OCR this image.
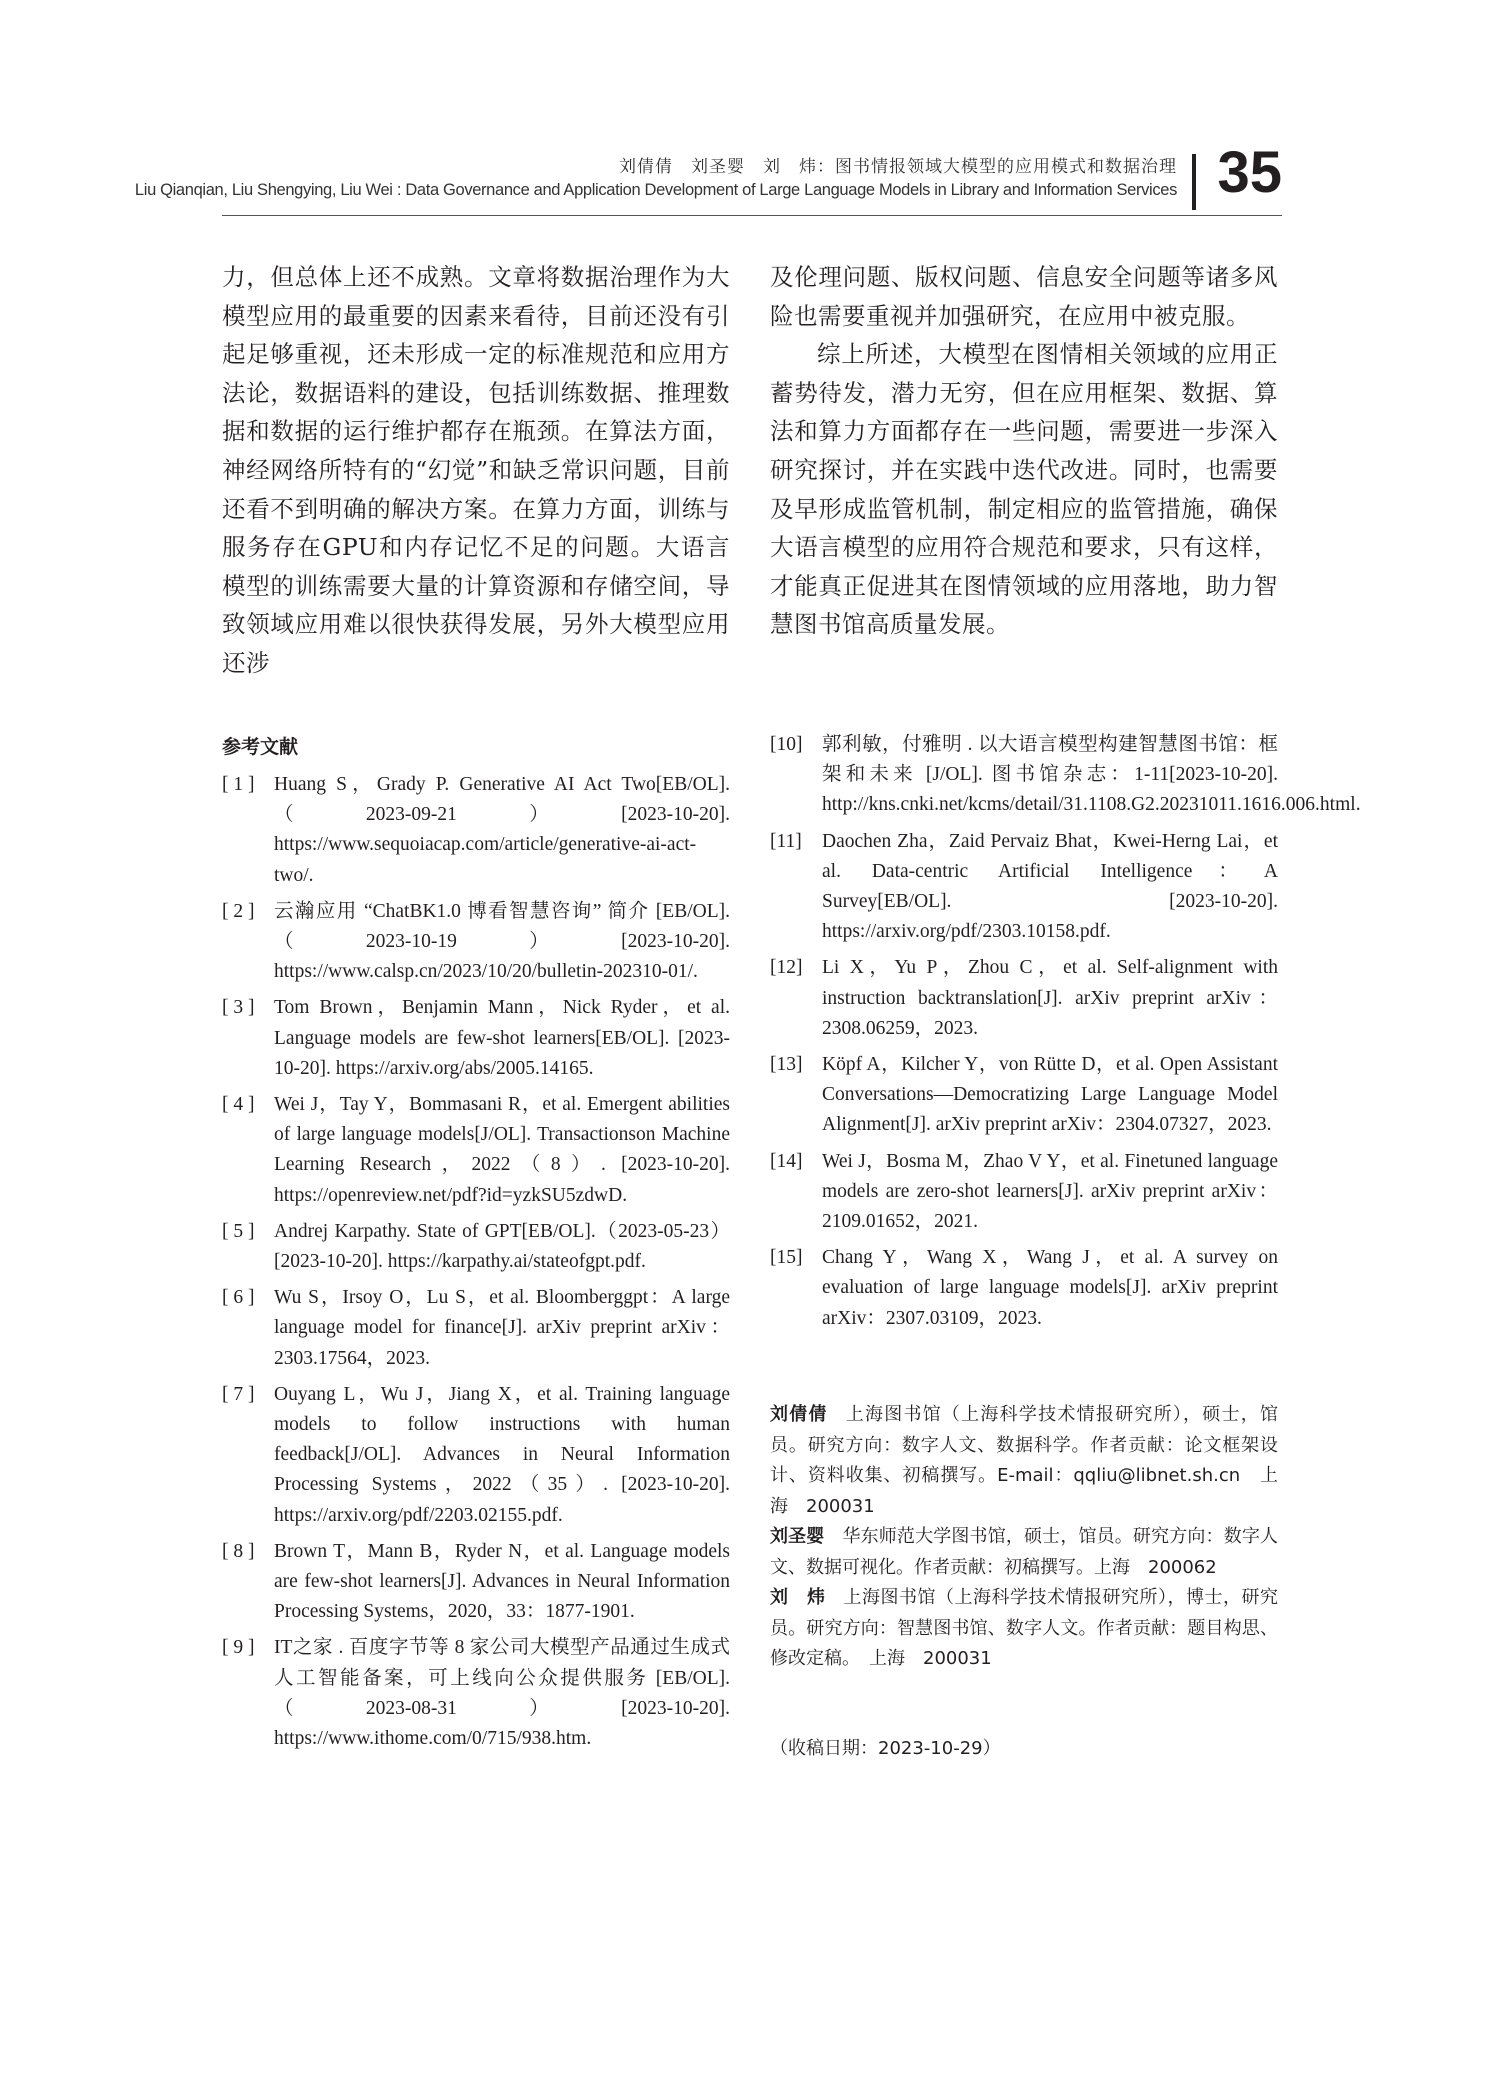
刘倩倩　刘圣婴　刘　炜：图书情报领域大模型的应用模式和数据治理
Liu Qianqian, Liu Shengying, Liu Wei : Data Governance and Application Development of Large Language Models in Library and Information Services 35

力，但总体上还不成熟。文章将数据治理作为大模型应用的最重要的因素来看待，目前还没有引起足够重视，还未形成一定的标准规范和应用方法论，数据语料的建设，包括训练数据、推理数据和数据的运行维护都存在瓶颈。在算法方面，神经网络所特有的“幻觉”和缺乏常识问题，目前还看不到明确的解决方案。在算力方面，训练与服务存在GPU和内存记忆不足的问题。大语言模型的训练需要大量的计算资源和存储空间，导致领域应用难以很快获得发展，另外大模型应用还涉

及伦理问题、版权问题、信息安全问题等诸多风险也需要重视并加强研究，在应用中被克服。

综上所述，大模型在图情相关领域的应用正蓄势待发，潜力无穷，但在应用框架、数据、算法和算力方面都存在一些问题，需要进一步深入研究探讨，并在实践中迭代改进。同时，也需要及早形成监管机制，制定相应的监管措施，确保大语言模型的应用符合规范和要求，只有这样，才能真正促进其在图情领域的应用落地，助力智慧图书馆高质量发展。

参考文献
[ 1 ] Huang S，Grady P. Generative AI Act Two[EB/OL].（2023-09-21）[2023-10-20]. https://www.sequoiacap.com/article/generative-ai-act-two/.
[ 2 ] 云瀚应用 “ChatBK1.0 博看智慧咨询” 简介 [EB/OL].（2023-10-19）[2023-10-20]. https://www.calsp.cn/2023/10/20/bulletin-202310-01/.
[ 3 ] Tom Brown，Benjamin Mann，Nick Ryder，et al. Language models are few-shot learners[EB/OL]. [2023-10-20]. https://arxiv.org/abs/2005.14165.
[ 4 ] Wei J，Tay Y，Bommasani R，et al. Emergent abilities of large language models[J/OL]. Transactionson Machine Learning Research，2022（8）. [2023-10-20]. https://openreview.net/pdf?id=yzkSU5zdwD.
[ 5 ] Andrej Karpathy. State of GPT[EB/OL].（2023-05-23）[2023-10-20]. https://karpathy.ai/stateofgpt.pdf.
[ 6 ] Wu S，Irsoy O，Lu S，et al. Bloomberggpt：A large language model for finance[J]. arXiv preprint arXiv：2303.17564，2023.
[ 7 ] Ouyang L，Wu J，Jiang X，et al. Training language models to follow instructions with human feedback[J/OL]. Advances in Neural Information Processing Systems，2022（35）. [2023-10-20]. https://arxiv.org/pdf/2203.02155.pdf.
[ 8 ] Brown T，Mann B，Ryder N，et al. Language models are few-shot learners[J]. Advances in Neural Information Processing Systems，2020，33：1877-1901.
[ 9 ] IT之家 . 百度字节等 8 家公司大模型产品通过生成式人工智能备案，可上线向公众提供服务 [EB/OL].（2023-08-31）[2023-10-20]. https://www.ithome.com/0/715/938.htm.
[10] 郭利敏，付雅明 . 以大语言模型构建智慧图书馆：框架和未来 [J/OL]. 图书馆杂志：1-11[2023-10-20]. http://kns.cnki.net/kcms/detail/31.1108.G2.20231011.1616.006.html.
[11] Daochen Zha，Zaid Pervaiz Bhat，Kwei-Herng Lai，et al. Data-centric Artificial Intelligence：A Survey[EB/OL]. [2023-10-20]. https://arxiv.org/pdf/2303.10158.pdf.
[12] Li X，Yu P，Zhou C，et al. Self-alignment with instruction backtranslation[J]. arXiv preprint arXiv：2308.06259，2023.
[13] Köpf A，Kilcher Y，von Rütte D，et al. Open Assistant Conversations—Democratizing Large Language Model Alignment[J]. arXiv preprint arXiv：2304.07327，2023.
[14] Wei J，Bosma M，Zhao V Y，et al. Finetuned language models are zero-shot learners[J]. arXiv preprint arXiv：2109.01652，2021.
[15] Chang Y，Wang X，Wang J，et al. A survey on evaluation of large language models[J]. arXiv preprint arXiv：2307.03109，2023.
刘倩倩 上海图书馆（上海科学技术情报研究所），硕士，馆员。研究方向：数字人文、数据科学。作者贡献：论文框架设计、资料收集、初稿撰写。E-mail：qqliu@libnet.sh.cn　上海　200031
刘圣婴 华东师范大学图书馆，硕士，馆员。研究方向：数字人文、数据可视化。作者贡献：初稿撰写。上海　200062
刘　炜 上海图书馆（上海科学技术情报研究所），博士，研究员。研究方向：智慧图书馆、数字人文。作者贡献：题目构思、修改定稿。　上海　200031
（收稿日期：2023-10-29）
